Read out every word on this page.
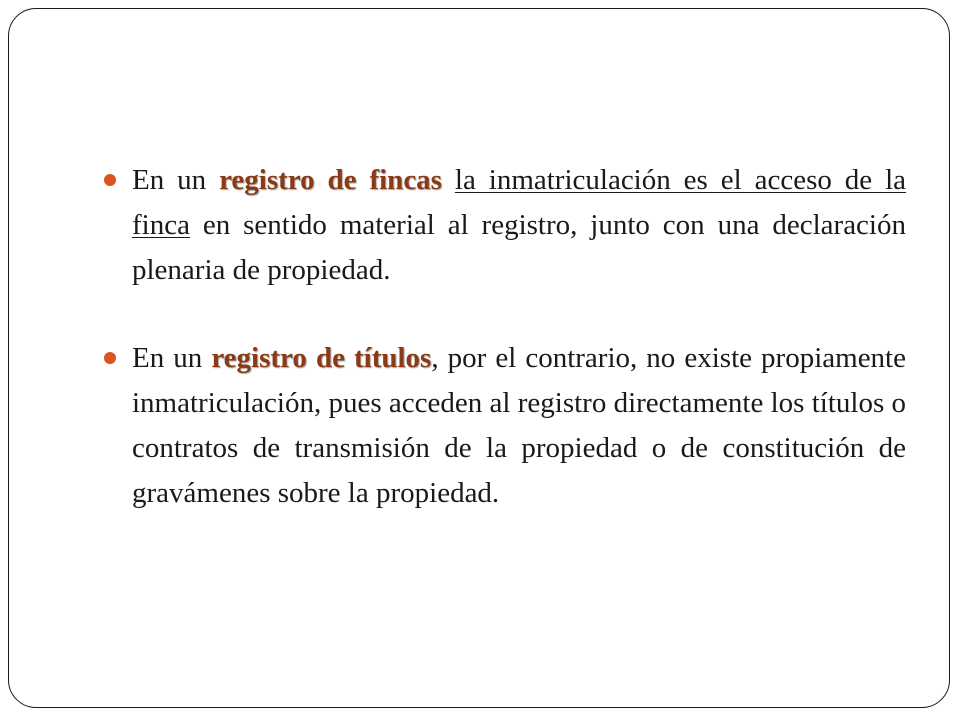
En un registro de fincas la inmatriculación es el acceso de la finca en sentido material al registro, junto con una declaración plenaria de propiedad.

En un registro de títulos, por el contrario, no existe propiamente inmatriculación, pues acceden al registro directamente los títulos o contratos de transmisión de la propiedad o de constitución de gravámenes sobre la propiedad.
